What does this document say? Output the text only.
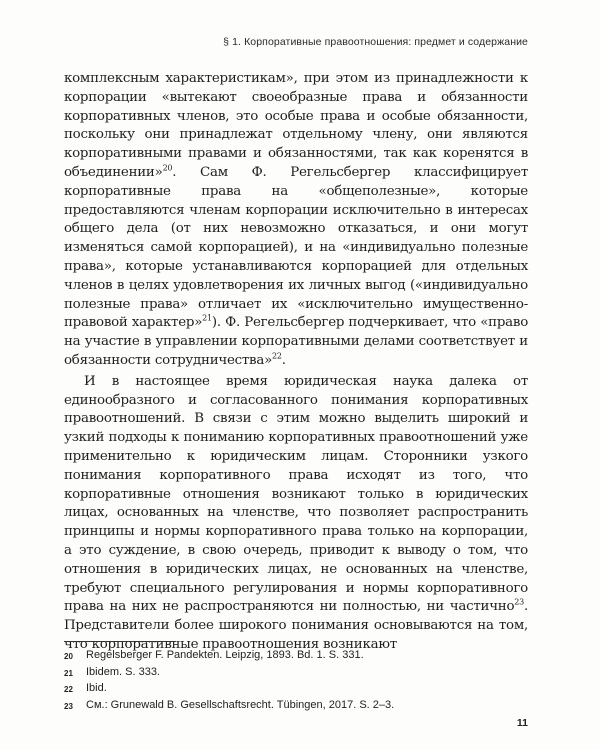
§ 1. Корпоративные правоотношения: предмет и содержание

комплексным характеристикам», при этом из принадлежности к корпорации «вытекают своеобразные права и обязанности корпоративных членов, это особые права и особые обязанности, поскольку они принадлежат отдельному члену, они являются корпоративными правами и обязанностями, так как коренятся в объединении»$^{20}$. Сам Ф. Регельсбергер классифицирует корпоративные права на «общеполезные», которые предоставляются членам корпорации исключительно в интересах общего дела (от них невозможно отказаться, и они могут изменяться самой корпорацией), и на «индивидуально полезные права», которые устанавливаются корпорацией для отдельных членов в целях удовлетворения их личных выгод («индивидуально полезные права» отличает их «исключительно имущественно-правовой характер»$^{21}$). Ф. Регельсбергер подчеркивает, что «право на участие в управлении корпоративными делами соответствует и обязанности сотрудничества»$^{22}$.

И в настоящее время юридическая наука далека от единообразного и согласованного понимания корпоративных правоотношений. В связи с этим можно выделить широкий и узкий подходы к пониманию корпоративных правоотношений уже применительно к юридическим лицам. Сторонники узкого понимания корпоративного права исходят из того, что корпоративные отношения возникают только в юридических лицах, основанных на членстве, что позволяет распространить принципы и нормы корпоративного права только на корпорации, а это суждение, в свою очередь, приводит к выводу о том, что отношения в юридических лицах, не основанных на членстве, требуют специального регулирования и нормы корпоративного права на них не распространяются ни полностью, ни частично$^{23}$. Представители более широкого понимания основываются на том, что корпоративные правоотношения возникают

20	Regelsberger F. Pandekten. Leipzig, 1893. Bd. 1. S. 331.
21	Ibidem. S. 333.
22	Ibid.
23	См.: Grunewald B. Gesellschaftsrecht. Tübingen, 2017. S. 2–3.
11
